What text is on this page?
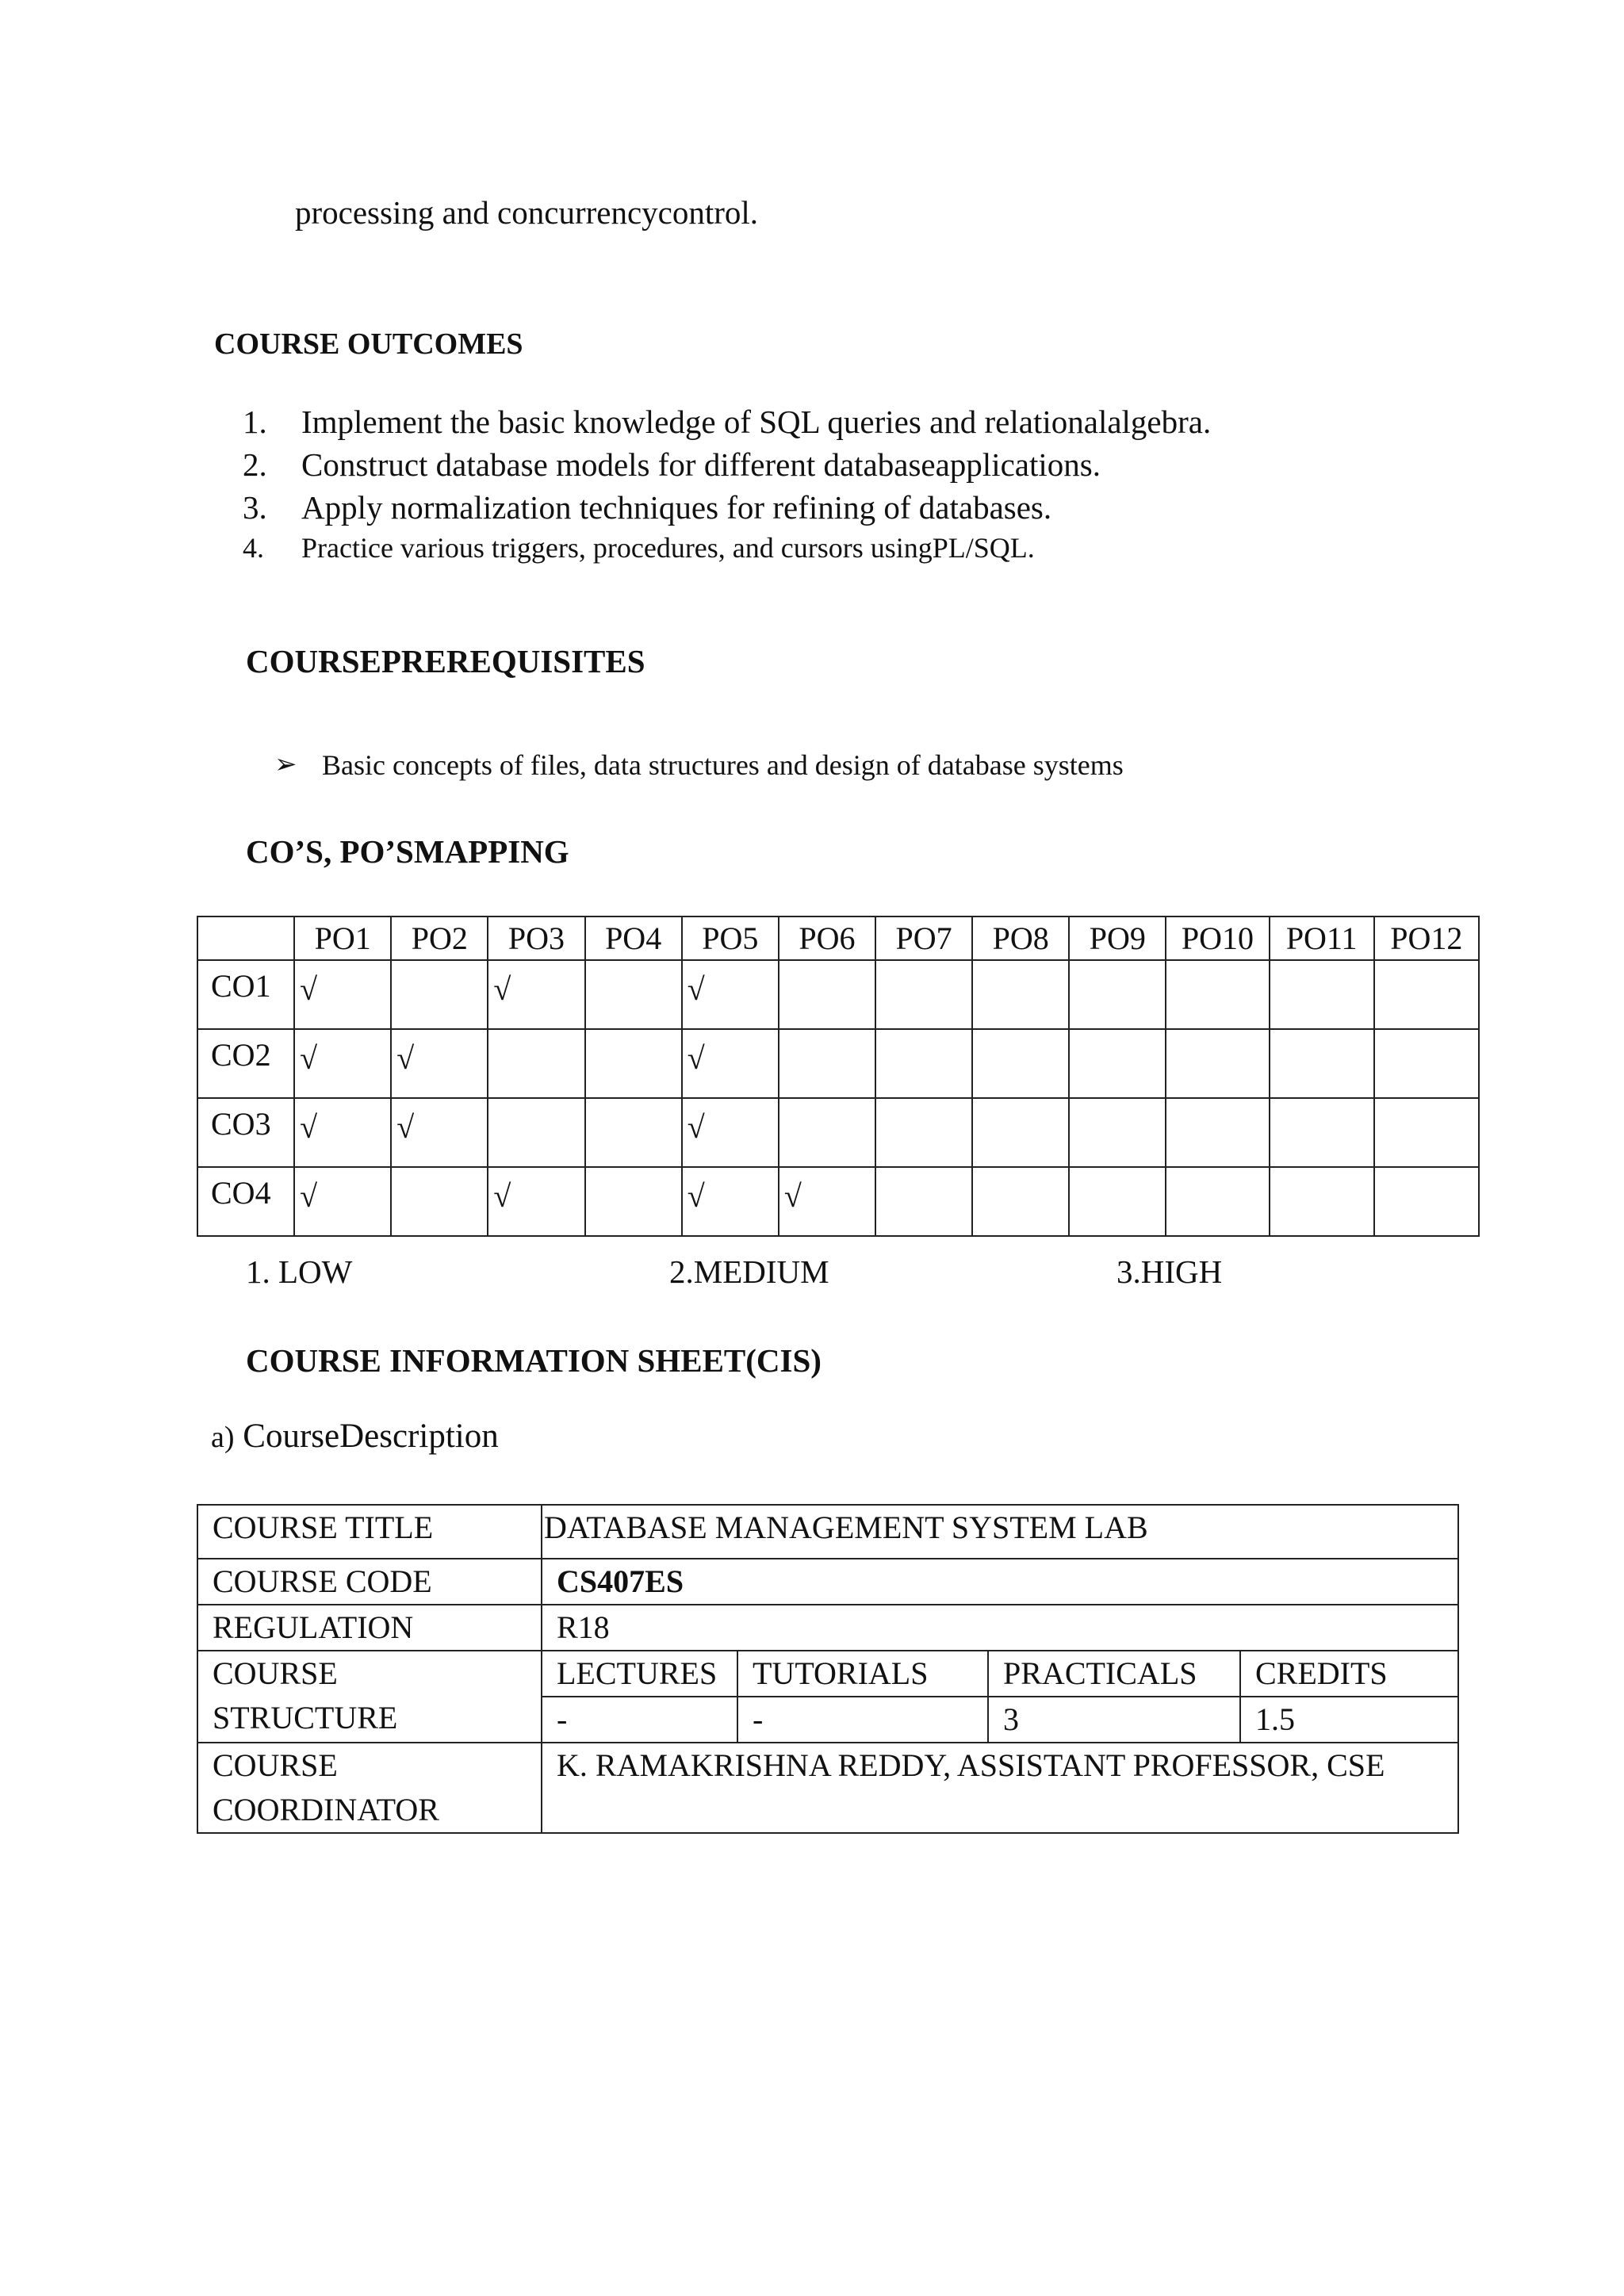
processing and concurrencycontrol.
COURSE OUTCOMES
1. Implement the basic knowledge of SQL queries and relationalalgebra.
2. Construct database models for different databaseapplications.
3. Apply normalization techniques for refining of databases.
4. Practice various triggers, procedures, and cursors usingPL/SQL.
COURSEPREREQUISITES
➢ Basic concepts of files, data structures and design of database systems
CO’S, PO’SMAPPING
	PO1	PO2	PO3	PO4	PO5	PO6	PO7	PO8	PO9	PO10	PO11	PO12
CO1	√		√		√							
CO2	√	√			√							
CO3	√	√			√							
CO4	√		√		√	√						
1. LOW	2.MEDIUM	3.HIGH
COURSE INFORMATION SHEET(CIS)
a) CourseDescription
COURSE TITLE	DATABASE MANAGEMENT SYSTEM LAB
COURSE CODE	CS407ES
REGULATION	R18

COURSE
STRUCTURE

LECTURES	TUTORIALS	PRACTICALS	CREDITS
-	-	3	1.5

COURSE
COORDINATOR
	K. RAMAKRISHNA REDDY, ASSISTANT PROFESSOR, CSE
